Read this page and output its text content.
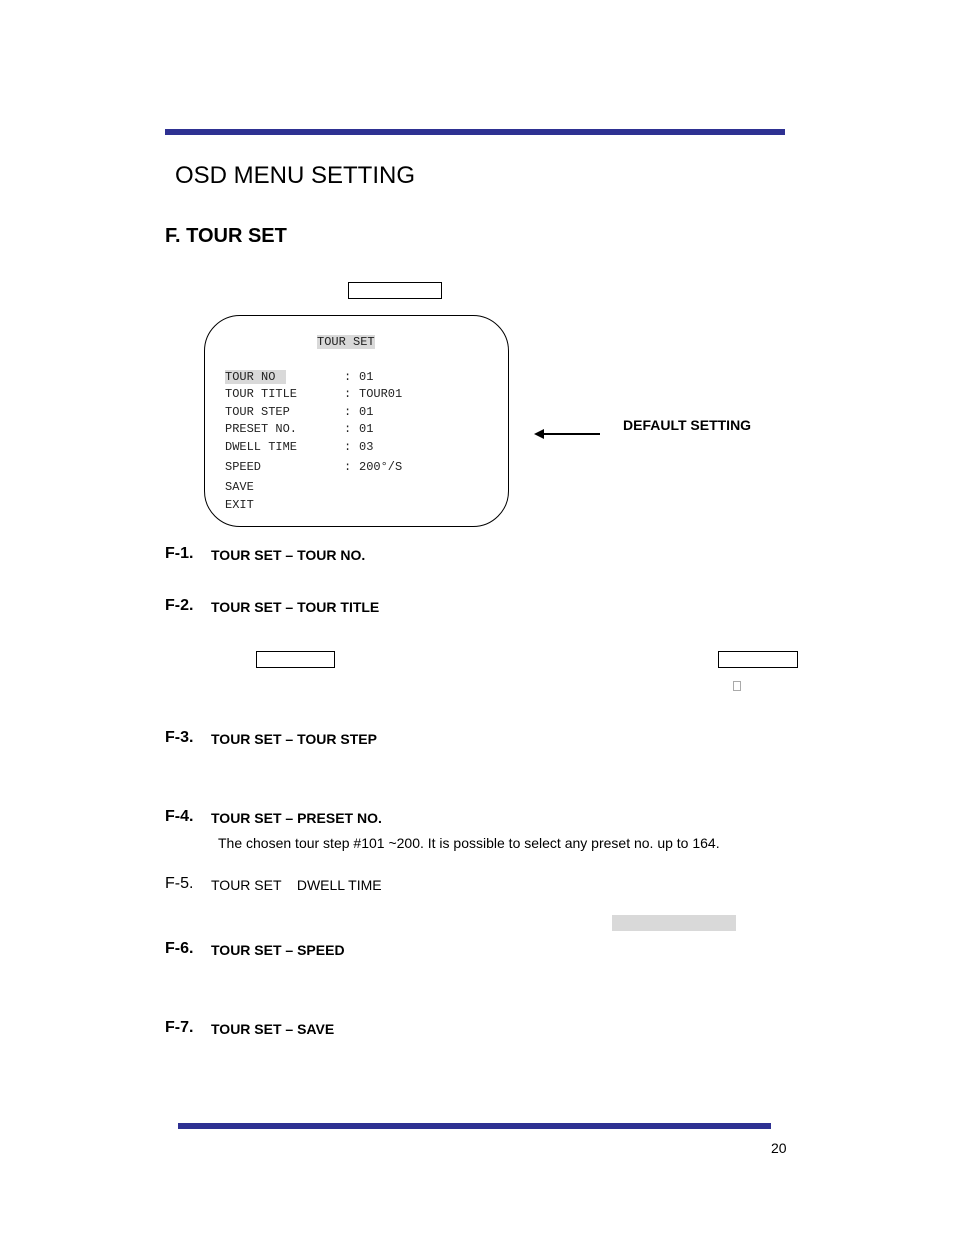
OSD MENU SETTING
F. TOUR SET
TOUR SET
TOUR NO	: 01
TOUR TITLE	: TOUR01
TOUR STEP	: 01
PRESET NO.	: 01
DWELL TIME	: 03
SPEED	: 200°/S
SAVE
EXIT
DEFAULT SETTING
F-1. TOUR SET – TOUR NO.
F-2. TOUR SET – TOUR TITLE
F-3. TOUR SET – TOUR STEP
F-4. TOUR SET – PRESET NO.
The chosen tour step #101 ~200. It is possible to select any preset no. up to 164.
F-5. TOUR SET    DWELL TIME
F-6. TOUR SET – SPEED
F-7. TOUR SET – SAVE
20
